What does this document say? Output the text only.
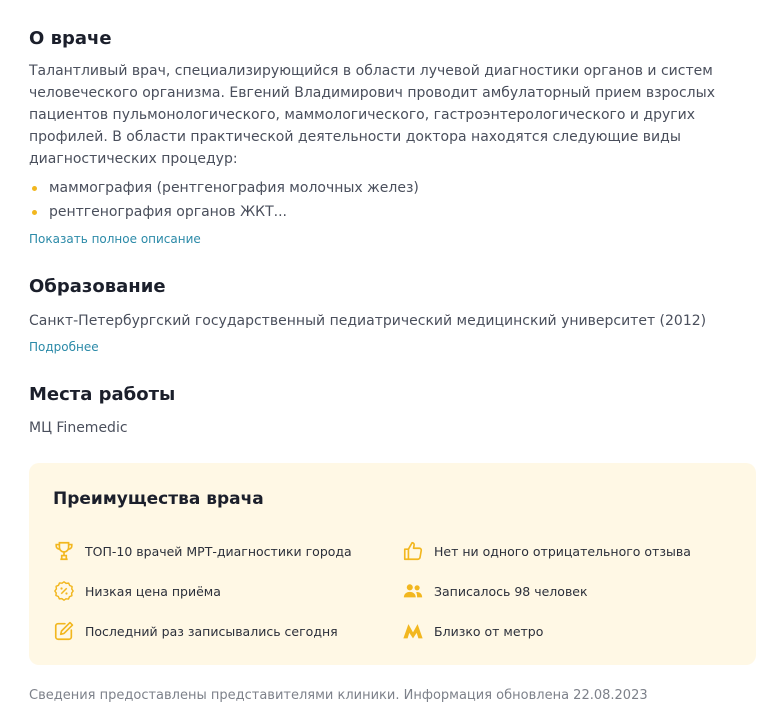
О враче

Талантливый врач, специализирующийся в области лучевой диагностики органов и систем
человеческого организма. Евгений Владимирович проводит амбулаторный прием взрослых
пациентов пульмонологического, маммологического, гастроэнтерологического и других
профилей. В области практической деятельности доктора находятся следующие виды
диагностических процедур:

маммография (рентгенография молочных желез)
рентгенография органов ЖКТ...
Показать полное описание
Образование
Санкт-Петербургский государственный педиатрический медицинский университет (2012)
Подробнее
Места работы
МЦ Finemedic
Преимущества врача
ТОП-10 врачей МРТ-диагностики города	Нет ни одного отрицательного отзыва
Низкая цена приёма	Записалось 98 человек
Последний раз записывались сегодня	Близко от метро
Сведения предоставлены представителями клиники. Информация обновлена 22.08.2023
